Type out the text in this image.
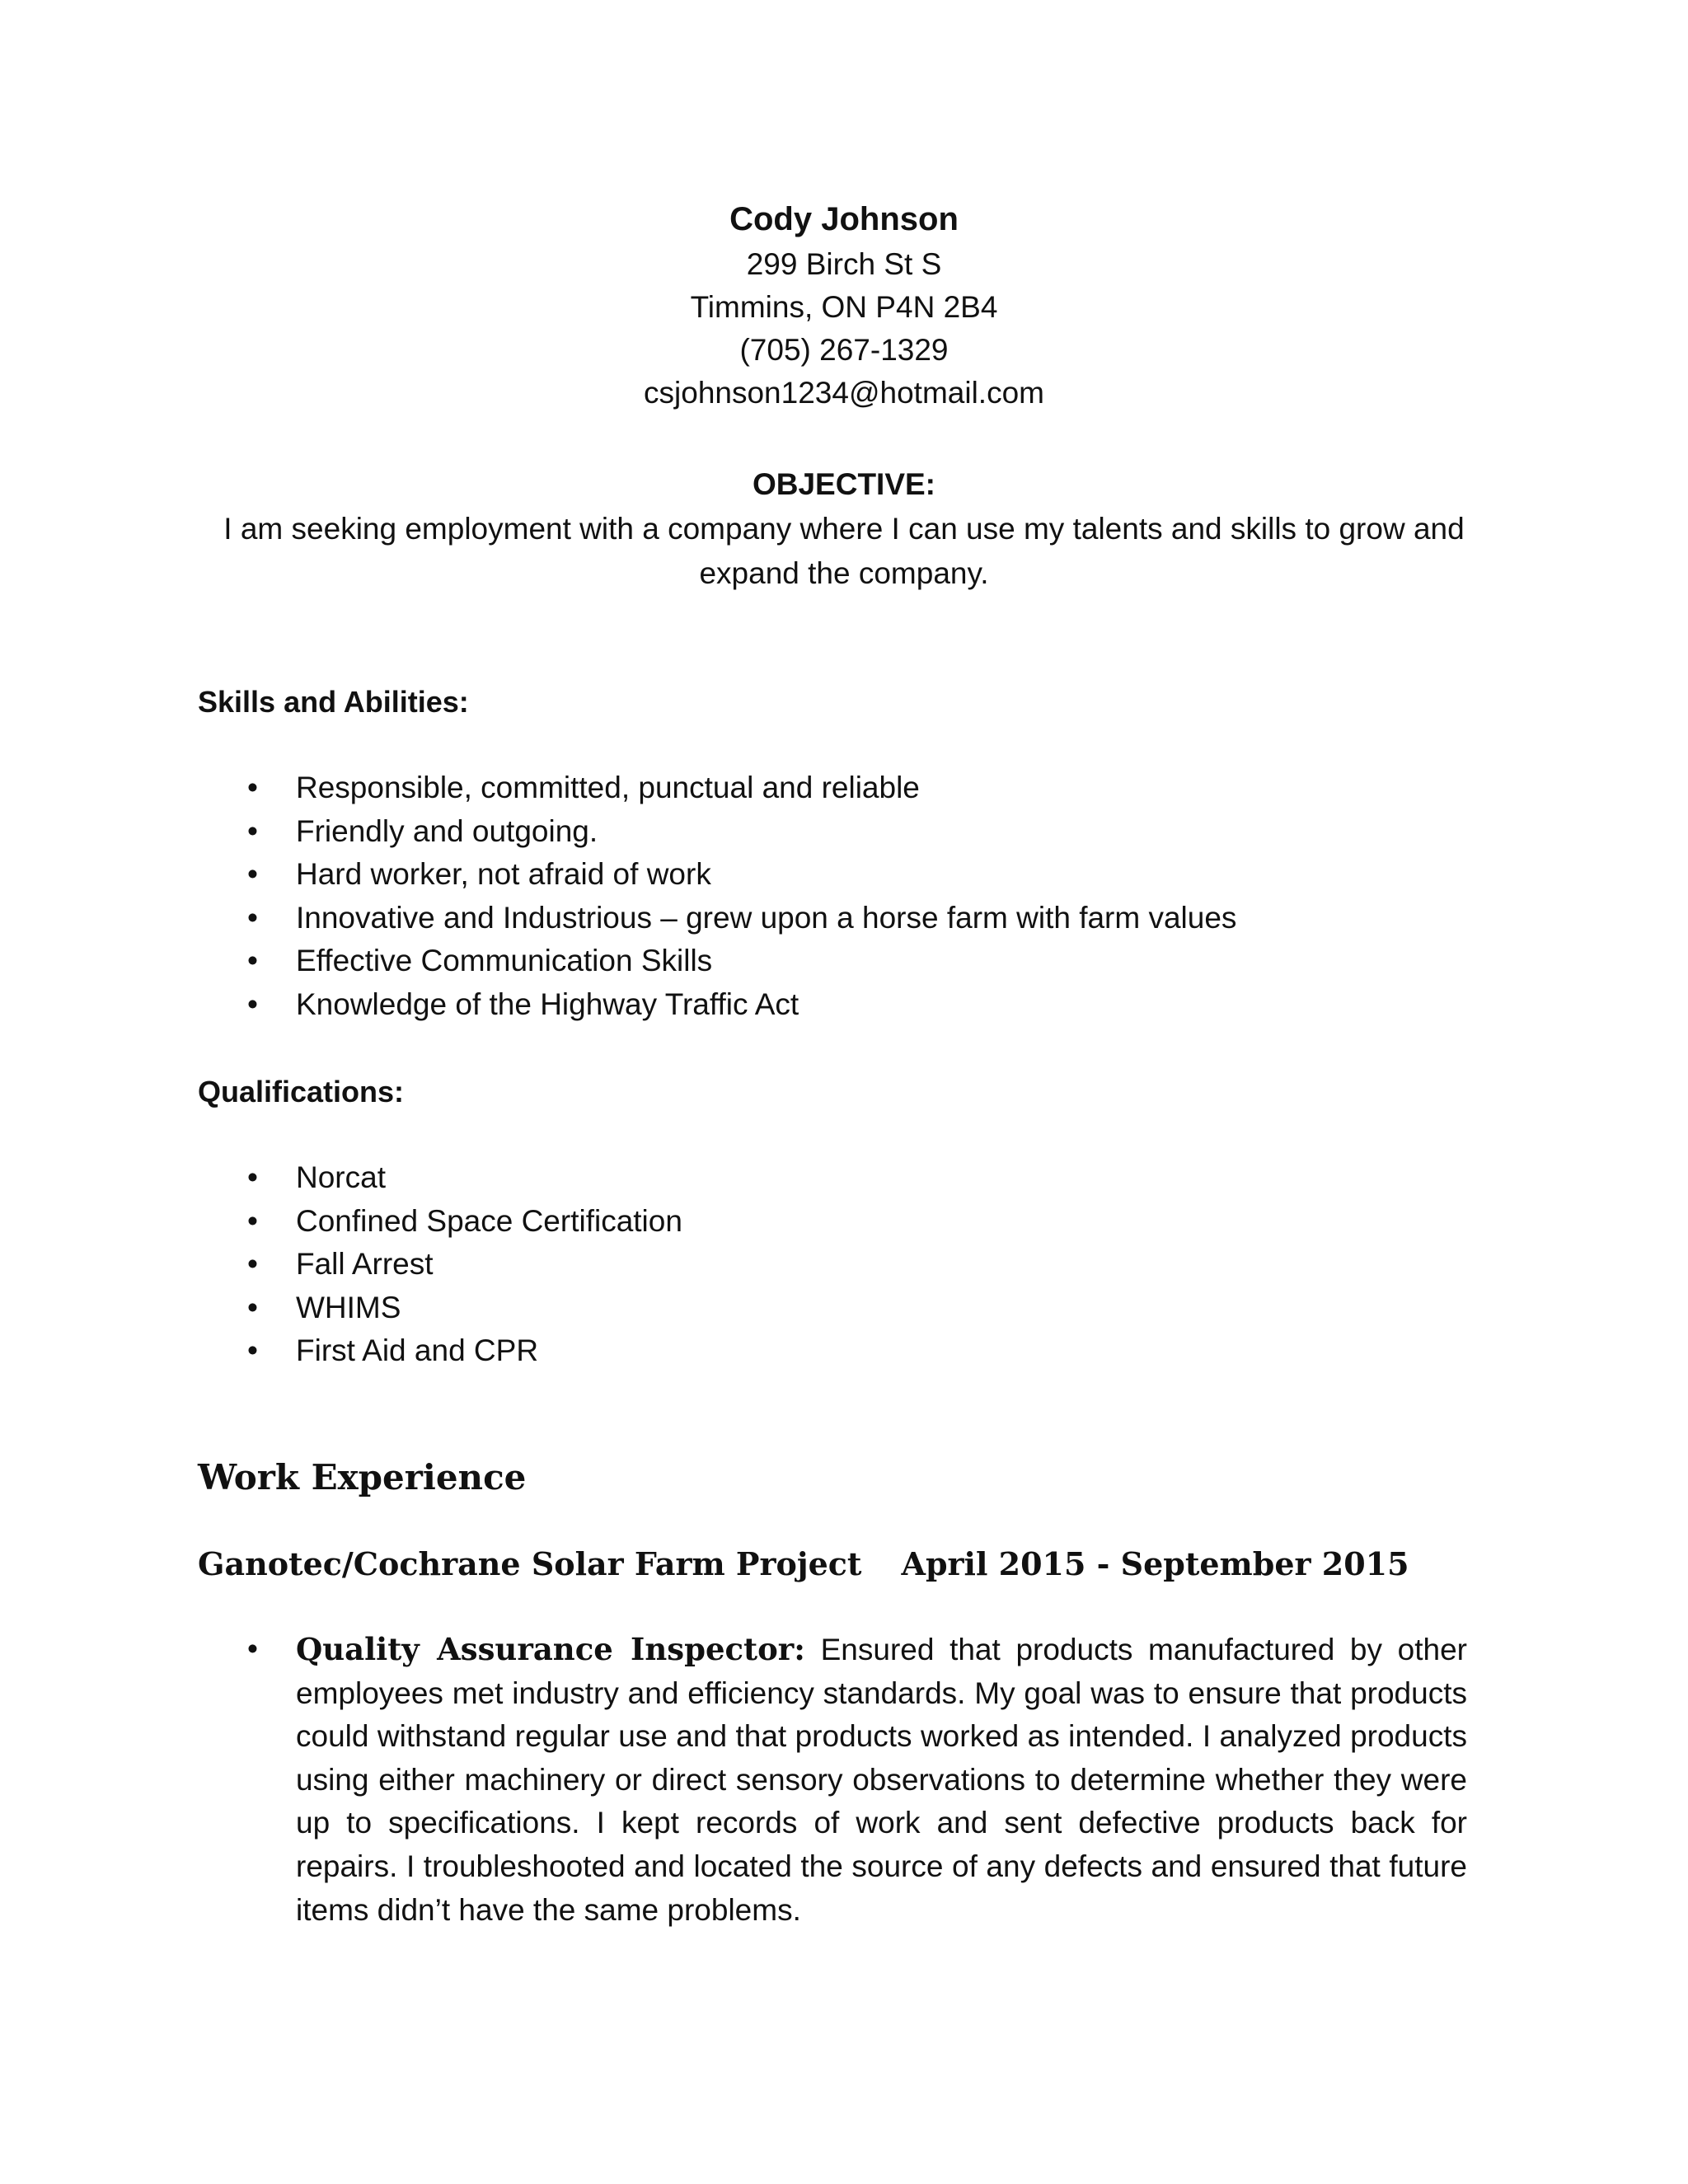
Cody Johnson
299 Birch St S
Timmins, ON P4N 2B4
(705) 267-1329
csjohnson1234@hotmail.com
OBJECTIVE:
I am seeking employment with a company where I can use my talents and skills to grow and expand the company.
Skills and Abilities:
• Responsible, committed, punctual and reliable
• Friendly and outgoing.
• Hard worker, not afraid of work
• Innovative and Industrious – grew upon a horse farm with farm values
• Effective Communication Skills
• Knowledge of the Highway Traffic Act
Qualifications:
• Norcat
• Confined Space Certification
• Fall Arrest
• WHIMS
• First Aid and CPR
Work Experience
Ganotec/Cochrane Solar Farm Project April 2015 - September 2015
• Quality Assurance Inspector: Ensured that products manufactured by other employees met industry and efficiency standards. My goal was to ensure that products could withstand regular use and that products worked as intended. I analyzed products using either machinery or direct sensory observations to determine whether they were up to specifications. I kept records of work and sent defective products back for repairs. I troubleshooted and located the source of any defects and ensured that future items didn’t have the same problems.
